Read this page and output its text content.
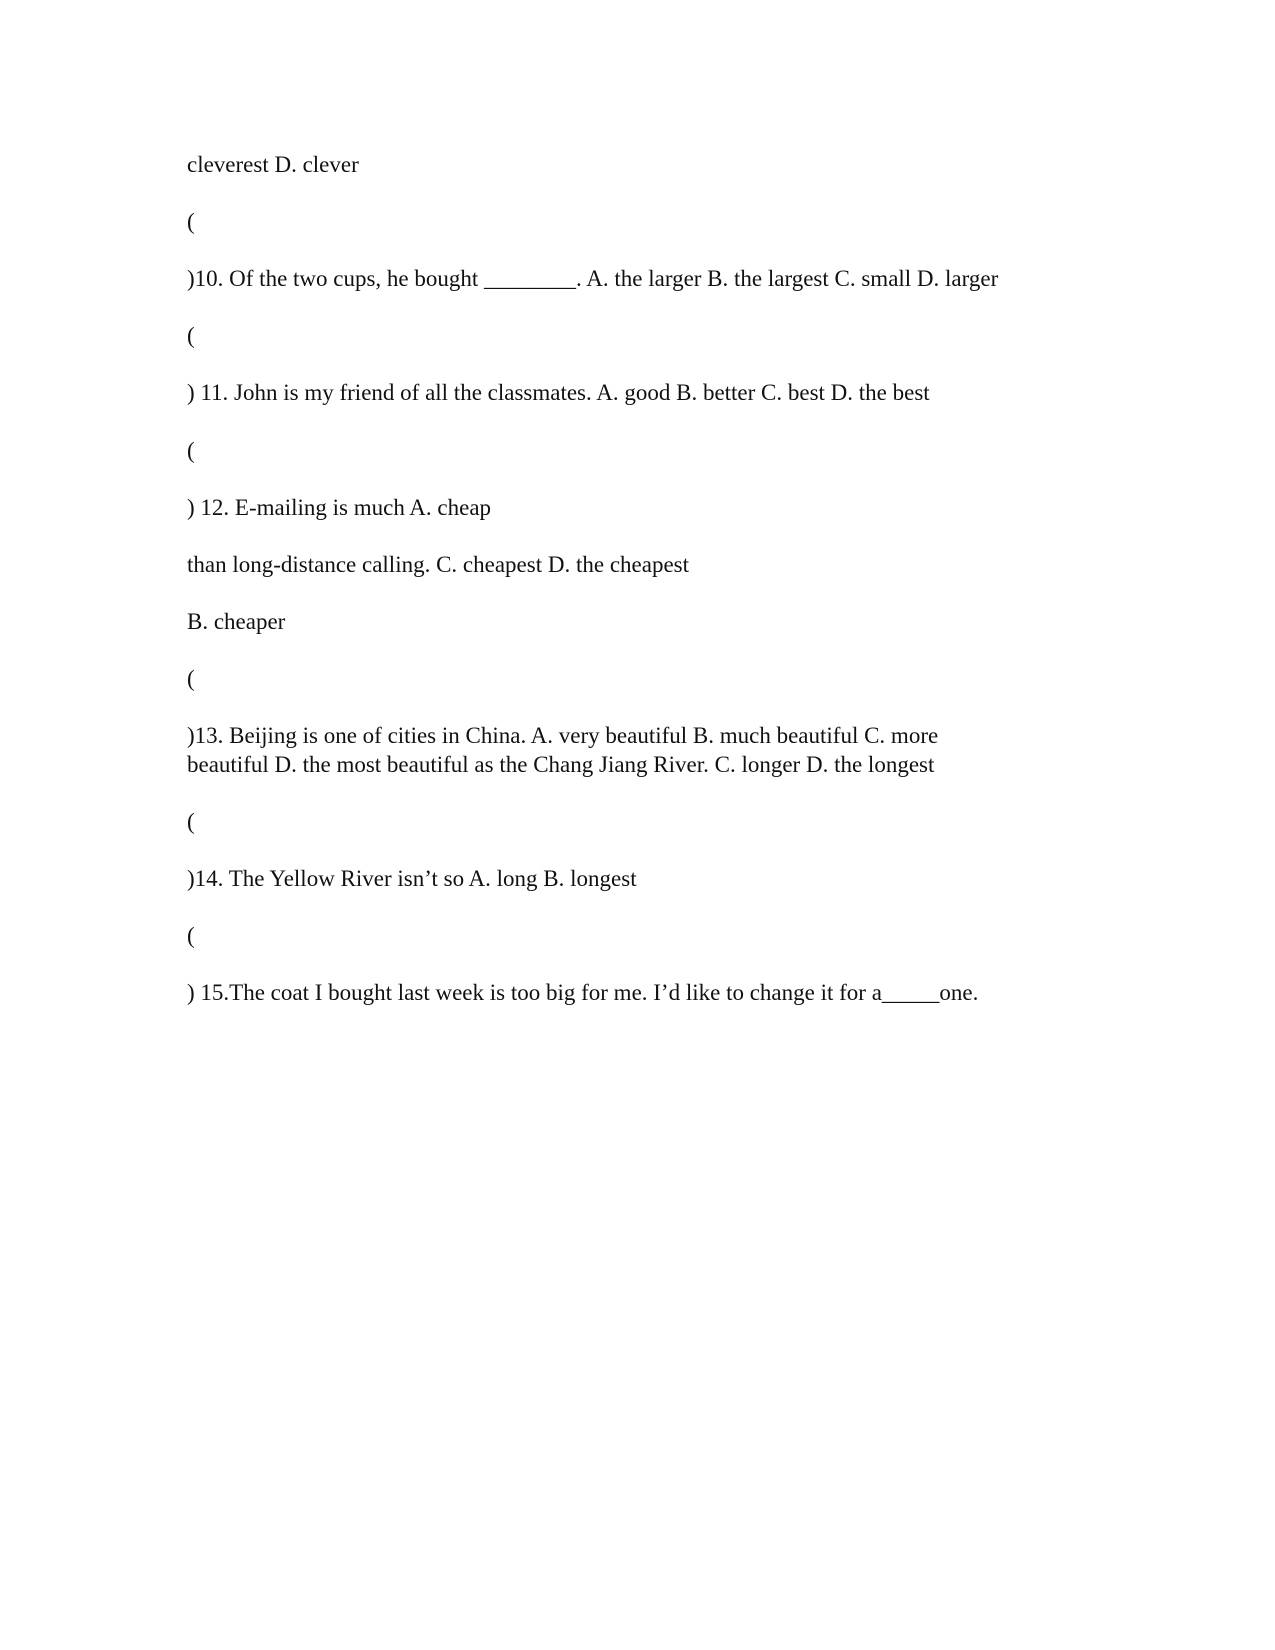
cleverest D. clever

(

)10. Of the two cups, he bought ________. A. the larger B. the largest C. small D. larger

(

) 11. John is my friend of all the classmates. A. good B. better C. best D. the best

(

) 12. E-mailing is much A. cheap

than long-distance calling. C. cheapest D. the cheapest

B. cheaper

(

)13. Beijing is one of cities in China. A. very beautiful B. much beautiful C. more

beautiful D. the most beautiful as the Chang Jiang River. C. longer D. the longest

(

)14. The Yellow River isn’t so A. long B. longest

(

) 15.The coat I bought last week is too big for me. I’d like to change it for a_____one.
